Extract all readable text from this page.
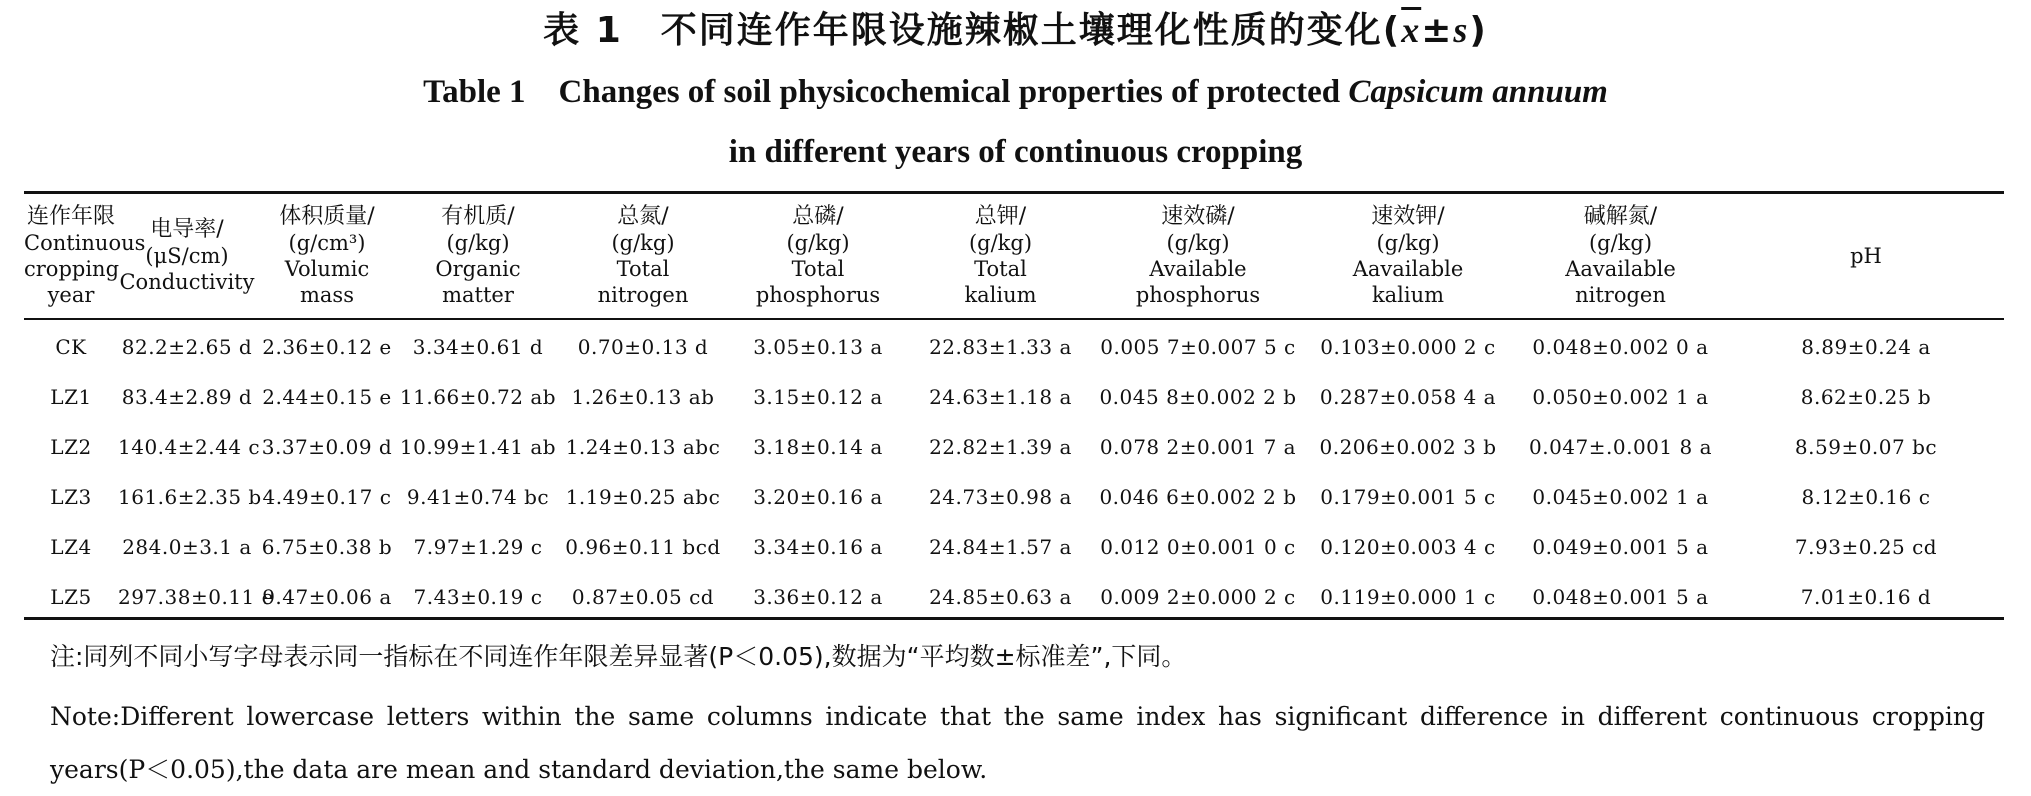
表 1　不同连作年限设施辣椒土壤理化性质的变化$(\overline{x}\pm s)$
Table 1　Changes of soil physicochemical properties of protected Capsicum annuum
in different years of continuous cropping
连作年限
Continuous
cropping
year	电导率/
(μS/cm)
Conductivity	体积质量/
(g/cm³)
Volumic
mass	有机质/
(g/kg)
Organic
matter	总氮/
(g/kg)
Total
nitrogen	总磷/
(g/kg)
Total
phosphorus	总钾/
(g/kg)
Total
kalium	速效磷/
(g/kg)
Available
phosphorus	速效钾/
(g/kg)
Aavailable
kalium	碱解氮/
(g/kg)
Aavailable
nitrogen	pH

CK	82.2±2.65 d	2.36±0.12 e	3.34±0.61 d	0.70±0.13 d	3.05±0.13 a	22.83±1.33 a	0.005 7±0.007 5 c	0.103±0.000 2 c	0.048±0.002 0 a	8.89±0.24 a
LZ1	83.4±2.89 d	2.44±0.15 e	11.66±0.72 ab	1.26±0.13 ab	3.15±0.12 a	24.63±1.18 a	0.045 8±0.002 2 b	0.287±0.058 4 a	0.050±0.002 1 a	8.62±0.25 b
LZ2	140.4±2.44 c	3.37±0.09 d	10.99±1.41 ab	1.24±0.13 abc	3.18±0.14 a	22.82±1.39 a	0.078 2±0.001 7 a	0.206±0.002 3 b	0.047±.0.001 8 a	8.59±0.07 bc
LZ3	161.6±2.35 b	4.49±0.17 c	9.41±0.74 bc	1.19±0.25 abc	3.20±0.16 a	24.73±0.98 a	0.046 6±0.002 2 b	0.179±0.001 5 c	0.045±0.002 1 a	8.12±0.16 c
LZ4	284.0±3.1 a	6.75±0.38 b	7.97±1.29 c	0.96±0.11 bcd	3.34±0.16 a	24.84±1.57 a	0.012 0±0.001 0 c	0.120±0.003 4 c	0.049±0.001 5 a	7.93±0.25 cd
LZ5	297.38±0.11 e	9.47±0.06 a	7.43±0.19 c	0.87±0.05 cd	3.36±0.12 a	24.85±0.63 a	0.009 2±0.000 2 c	0.119±0.000 1 c	0.048±0.001 5 a	7.01±0.16 d
注:同列不同小写字母表示同一指标在不同连作年限差异显著(P＜0.05),数据为“平均数±标准差”,下同。
Note:Different lowercase letters within the same columns indicate that the same index has significant difference in different continuous cropping years(P＜0.05),the data are mean and standard deviation,the same below.
